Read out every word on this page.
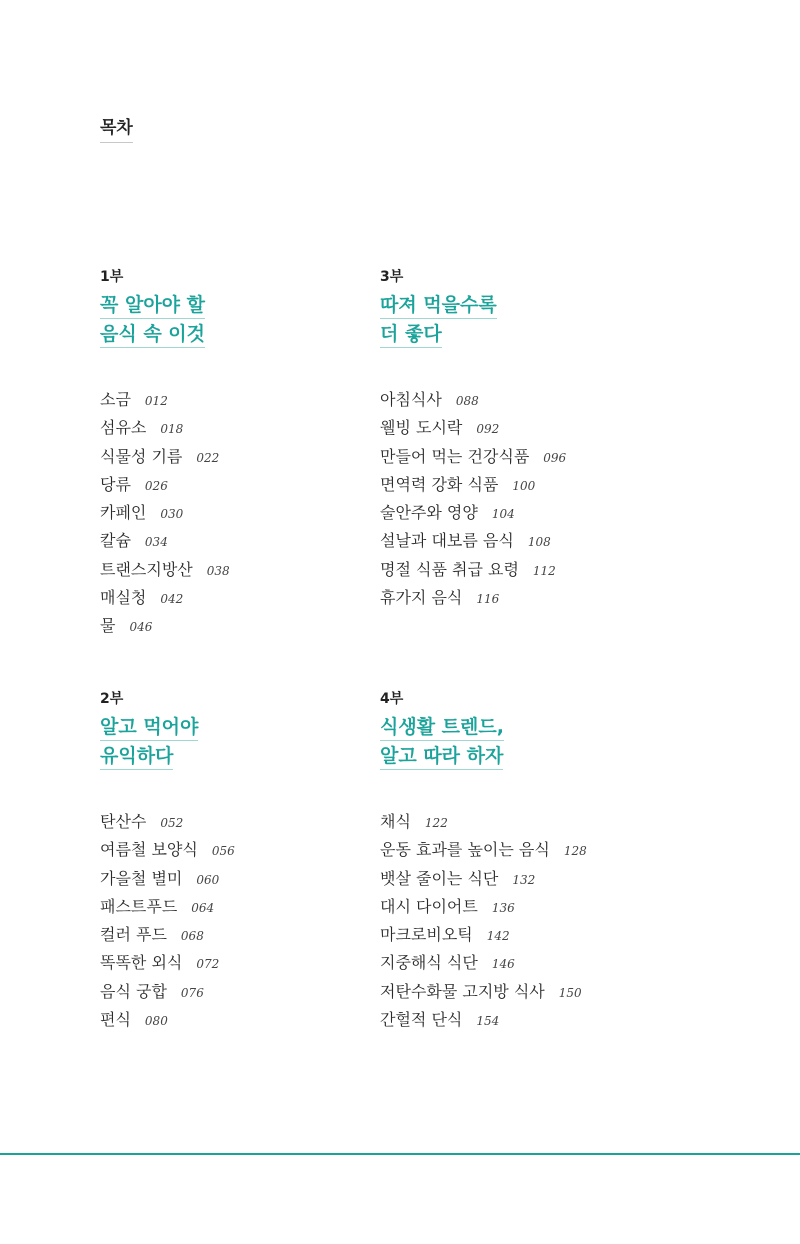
목차
1부
꼭 알아야 할
음식 속 이것
소금 012
섬유소 018
식물성 기름 022
당류 026
카페인 030
칼슘 034
트랜스지방산 038
매실청 042
물 046
3부
따져 먹을수록
더 좋다
아침식사 088
웰빙 도시락 092
만들어 먹는 건강식품 096
면역력 강화 식품 100
술안주와 영양 104
설날과 대보름 음식 108
명절 식품 취급 요령 112
휴가지 음식 116
2부
알고 먹어야
유익하다
탄산수 052
여름철 보양식 056
가을철 별미 060
패스트푸드 064
컬러 푸드 068
똑똑한 외식 072
음식 궁합 076
편식 080
4부
식생활 트렌드,
알고 따라 하자
채식 122
운동 효과를 높이는 음식 128
뱃살 줄이는 식단 132
대시 다이어트 136
마크로비오틱 142
지중해식 식단 146
저탄수화물 고지방 식사 150
간헐적 단식 154
